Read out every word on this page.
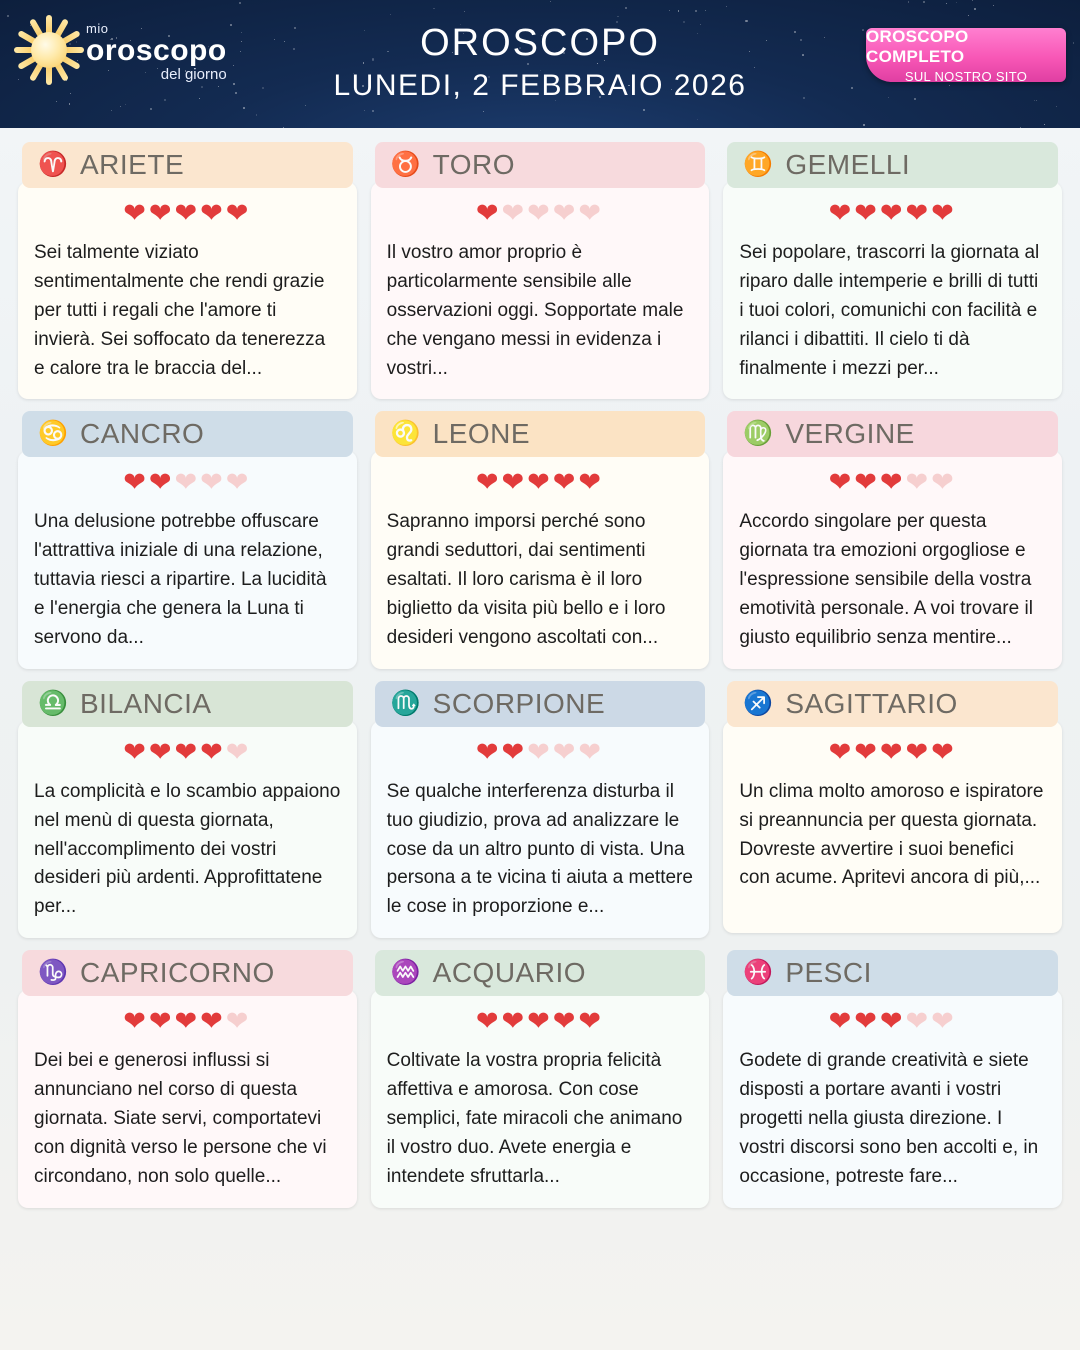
mio
oroscopo
del giorno
OROSCOPO
LUNEDI, 2 FEBBRAIO 2026
OROSCOPO COMPLETO
SUL NOSTRO SITO
♈ ARIETE
❤❤❤❤❤
Sei talmente viziato sentimentalmente che rendi grazie per tutti i regali che l'amore ti invierà. Sei soffocato da tenerezza e calore tra le braccia del...
♉ TORO
❤❤❤❤❤
Il vostro amor proprio è particolarmente sensibile alle osservazioni oggi. Sopportate male che vengano messi in evidenza i vostri...
♊ GEMELLI
❤❤❤❤❤
Sei popolare, trascorri la giornata al riparo dalle intemperie e brilli di tutti i tuoi colori, comunichi con facilità e rilanci i dibattiti. Il cielo ti dà finalmente i mezzi per...
♋ CANCRO
❤❤❤❤❤
Una delusione potrebbe offuscare l'attrattiva iniziale di una relazione, tuttavia riesci a ripartire. La lucidità e l'energia che genera la Luna ti servono da...
♌ LEONE
❤❤❤❤❤
Sapranno imporsi perché sono grandi seduttori, dai sentimenti esaltati. Il loro carisma è il loro biglietto da visita più bello e i loro desideri vengono ascoltati con...
♍ VERGINE
❤❤❤❤❤
Accordo singolare per questa giornata tra emozioni orgogliose e l'espressione sensibile della vostra emotività personale. A voi trovare il giusto equilibrio senza mentire...
♎ BILANCIA
❤❤❤❤❤
La complicità e lo scambio appaiono nel menù di questa giornata, nell'accomplimento dei vostri desideri più ardenti. Approfittatene per...
♏ SCORPIONE
❤❤❤❤❤
Se qualche interferenza disturba il tuo giudizio, prova ad analizzare le cose da un altro punto di vista. Una persona a te vicina ti aiuta a mettere le cose in proporzione e...
♐ SAGITTARIO
❤❤❤❤❤
Un clima molto amoroso e ispiratore si preannuncia per questa giornata. Dovreste avvertire i suoi benefici con acume. Apritevi ancora di più,...
♑ CAPRICORNO
❤❤❤❤❤
Dei bei e generosi influssi si annunciano nel corso di questa giornata. Siate servi, comportatevi con dignità verso le persone che vi circondano, non solo quelle...
♒ ACQUARIO
❤❤❤❤❤
Coltivate la vostra propria felicità affettiva e amorosa. Con cose semplici, fate miracoli che animano il vostro duo. Avete energia e intendete sfruttarla...
♓ PESCI
❤❤❤❤❤
Godete di grande creatività e siete disposti a portare avanti i vostri progetti nella giusta direzione. I vostri discorsi sono ben accolti e, in occasione, potreste fare...
